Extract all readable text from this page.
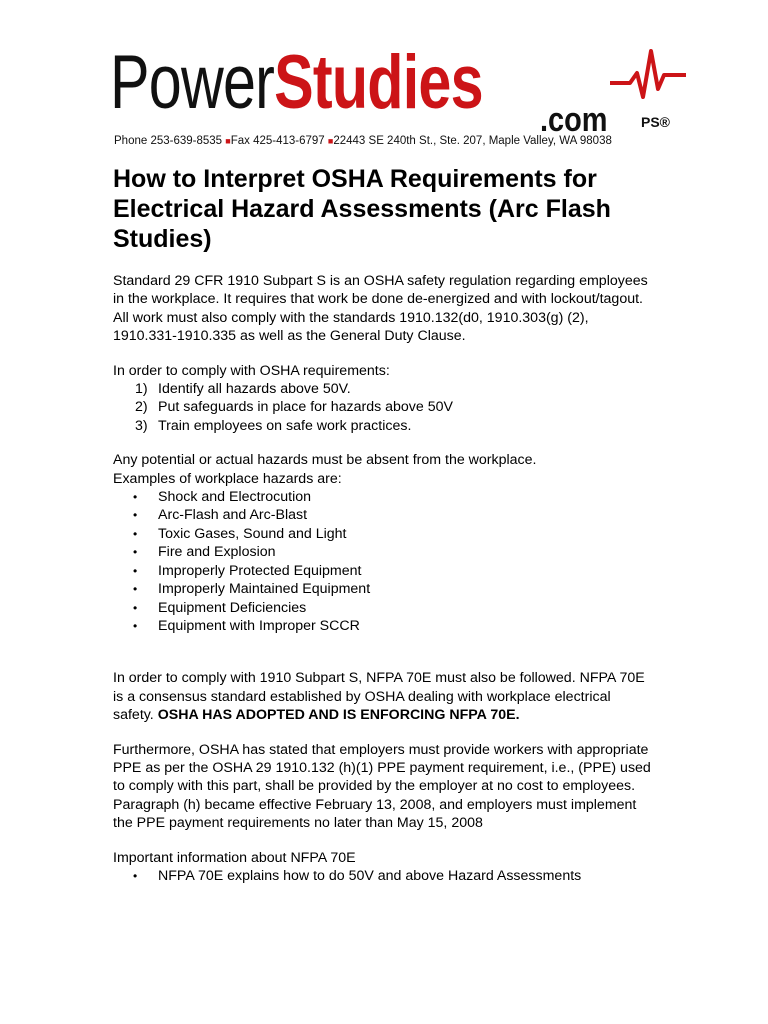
PowerStudies .com PS®
Phone 253-639-8535 ■Fax 425-413-6797 ■22443 SE 240th St., Ste. 207, Maple Valley, WA 98038
How to Interpret OSHA Requirements for Electrical Hazard Assessments (Arc Flash Studies)

Standard 29 CFR 1910 Subpart S is an OSHA safety regulation regarding employees in the workplace. It requires that work be done de-energized and with lockout/tagout. All work must also comply with the standards 1910.132(d0, 1910.303(g) (2), 1910.331-1910.335 as well as the General Duty Clause.

In order to comply with OSHA requirements:
1) Identify all hazards above 50V.
2) Put safeguards in place for hazards above 50V
3) Train employees on safe work practices.
Any potential or actual hazards must be absent from the workplace.
Examples of workplace hazards are:
•	Shock and Electrocution
•	Arc-Flash and Arc-Blast
•	Toxic Gases, Sound and Light
•	Fire and Explosion
•	Improperly Protected Equipment
•	Improperly Maintained Equipment
•	Equipment Deficiencies
•	Equipment with Improper SCCR

In order to comply with 1910 Subpart S, NFPA 70E must also be followed. NFPA 70E is a consensus standard established by OSHA dealing with workplace electrical safety. OSHA HAS ADOPTED AND IS ENFORCING NFPA 70E.

Furthermore, OSHA has stated that employers must provide workers with appropriate PPE as per the OSHA 29 1910.132 (h)(1) PPE payment requirement, i.e., (PPE) used to comply with this part, shall be provided by the employer at no cost to employees. Paragraph (h) became effective February 13, 2008, and employers must implement the PPE payment requirements no later than May 15, 2008

Important information about NFPA 70E
•	NFPA 70E explains how to do 50V and above Hazard Assessments
